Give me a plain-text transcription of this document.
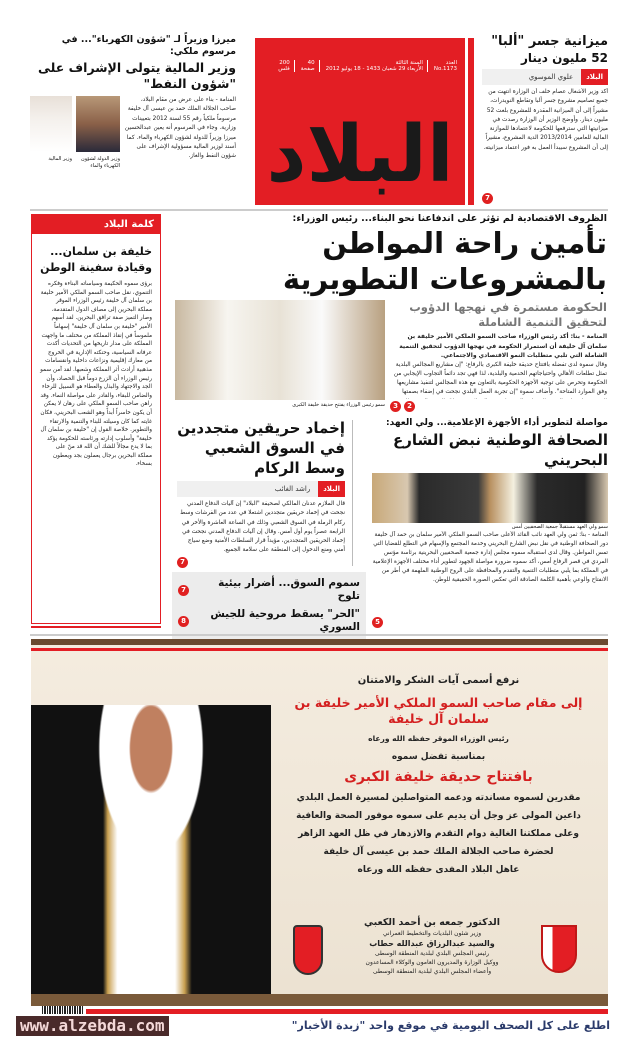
ميرزا وزيراً لـ "شؤون الكهرباء"... في مرسوم ملكي:
وزير المالية يتولى الإشراف على "شؤون النفط"
المنامة - بناء على عرض من مقام البلاد، صاحب الجلالة الملك حمد بن عيسى آل خليفة مرسوماً ملكياً رقم 55 لسنة 2012 بتعيينات وزارية. وجاء في المرسوم أنه يعين عبدالحسين ميرزا وزيراً للدولة لشؤون الكهرباء والماء. كما أسند لوزير المالية مسؤولية الإشراف على شؤون النفط والغاز.
وزير الدولة لشؤون الكهرباء والماء
وزير المالية
العدد
No.1173
السنة الثالثة
الأربعاء 29 شعبان 1433 - 18 يوليو 2012
40
صفحة
200
فلس
البلاد
ميزانية جسر "ألبا"
52 مليون دينار
البلاد
علوي الموسوي
أكد وزير الأشغال عصام خلف أن الوزارة انتهت من جميع تصاميم مشروع جسر ألبا وتقاطع النويدرات، مشيراً إلى أن الميزانية المقدرة للمشروع بلغت 52 مليون دينار. وأوضح الوزير أن الوزارة رصدت في ميزانيتها التي سترفعها للحكومة لاعتمادها للموازنة المالية للعامين 2013/2014 الدية المشروع، مشيراً إلى أن المشروع سيبدأ العمل به فور اعتماد ميزانيته.
7
كلمة البلاد
خليفة بن سلمان... وقيادة سفينة الوطن
برؤى سموه الحكيمة وسياساته البناءة وفكره التنموي، نقل صاحب السمو الملكي الأمير خليفة بن سلمان آل خليفة رئيس الوزراء الموقر مملكة البحرين إلى مصاف الدول المتقدمة، وصار التميز صفة ترافق البحرين. لقد أسهم الأمير "خليفة بن سلمان آل خليفة" إسهاماً ملموساً في إنقاذ المملكة من مختلف ما واجهت المملكة على مدار تاريخها من التحديات أكدت عرفانه السياسية، وحنكته الإدارية في الخروج من معارك إقليمية ونزاعات داخلية وانقسامات مذهبية أرادت أثر المملكة وشعبها. لقد آمن سمو رئيس الوزراء أن الزرع دوماً قبل الحصاد، وأن الجد والاجتهاد والبذل والعطاء هو السبيل للرخاء والضامن للبقاء، والقادر على مواصلة النماء. وقد راهن صاحب السمو الملكي على رهان لا يمكن أن يكون خاسراً أبداً وهو الشعب البحريني، فكان غايته كما كان وسيلته للبناء والتنمية والارتقاء والتطوير. خلاصة القول إن "خليفة بن سلمان آل خليفة" وأسلوب إدارته ورئاسته للحكومة يؤكد بما لا يدع مجالاً للشك أن الله قد منّ على مملكة البحرين برجال يعملون بجد ويعطون بسخاء.
الظروف الاقتصادية لم تؤثر على اندفاعنا نحو البناء... رئيس الوزراء:
تأمين راحة المواطن بالمشروعات التطويرية
سمو رئيس الوزراء يفتتح حديقة خليفة الكبرى
الحكومة مستمرة في نهجها الدؤوب لتحقيق التنمية الشاملة
المنامة - بنا: أكد رئيس الوزراء صاحب السمو الملكي الأمير خليفة بن سلمان آل خليفة أن استمرار الحكومة في نهجها الدؤوب لتحقيق التنمية الشاملة التي تلبي متطلبات النمو الاقتصادي والاجتماعي.
وقال سموه لدى تفضله بافتتاح حديقة خليفة الكبرى بالرفاع: "إن مشاريع المجالس البلدية تمثل تطلعات الأهالي واحتياجاتهم الخدمية والبلدية، لذا فهي تجد دائماً التجاوب الإيجابي من الحكومة وتحرص على توجيه الأجهزة الحكومية بالتعاون مع هذه المجالس لتنفيذ مشاريعها وفق الموارد المتاحة". وأضاف سموه "إن تجربة العمل البلدي نجحت في إضفاء بصمتها
3	2
إخماد حريقين متجددين في السوق الشعبي وسط الركام
البلاد
راشد الغائب
قال الملازم عدنان المالكي لصحيفة "البلاد" إن آليات الدفاع المدني نجحت في إخماد حريقين متجددين اشتعلا في عدد من الفرشات وسط ركام الرملة في السوق الشعبي وذلك في الساعة العاشرة والأخر في الرابعة عصراً يوم أول أمس. وقال إن آليات الدفاع المدني نجحت في إخماد الحريقين المتجددين، مؤيداً قرار السلطات الأمنية وضع سياج أمني ومنع الدخول إلى المنطقة على سلامة الجميع.
7
سموم السوق... أضرار بيئية تلوح
7
"الحر" يسقط مروحية للجيش السوري
8
مواصلة لتطوير أداء الأجهزة الإعلامية... ولي العهد:
الصحافة الوطنية نبض الشارع البحريني
سمو ولي العهد مستقبلاً جمعية الصحفيين أمس
المنامة - بنا: ثمن ولي العهد نائب القائد الأعلى صاحب السمو الملكي الأمير سلمان بن حمد آل خليفة دور الصحافة الوطنية في نقل نبض الشارع البحريني وخدمة المجتمع والإسهام في التطلع للقضايا التي تمس المواطن. وقال لدى استقباله سموه مجلس إدارة جمعية الصحفيين البحرينية برئاسة مؤنس المردي في قصر الرفاع أمس، أكد سموه ضرورة مواصلة الجهود لتطوير أداء مختلف الأجهزة الإعلامية في المملكة بما يلبي متطلبات التنمية والتقدم والمحافظة على الروح الوطنية الملهمة في أطر من الانفتاح والوعي بأهمية الكلمة الصادقة التي تعكس الصورة الحقيقية للوطن.
5
نرفع أسمى آيات الشكر والامتنان
إلى مقام صاحب السمو الملكي الأمير خليفة بن سلمان آل خليفة
رئيس الوزراء الموقر حفظه الله ورعاه
بمناسبة تفضل سموه
بافتتاح حديقة خليفة الكبرى
مقدرين لسموه مساندته ودعمه المتواصلين لمسيرة العمل البلدي
داعين المولى عز وجل أن يديم على سموه موفور الصحة والعافية
وعلى مملكتنا الغالية دوام التقدم والازدهار في ظل العهد الزاهر
لحضرة صاحب الجلالة الملك حمد بن عيسى آل خليفة
عاهل البلاد المفدى حفظه الله ورعاه
الدكتور جمعه بن أحمد الكعبي
وزير شئون البلديات والتخطيط العمراني
والسيد عبدالرزاق عبدالله حطاب
رئيس المجلس البلدي لبلدية المنطقة الوسطى
ووكيل الوزارة والمديرون العامون والوكلاء المساعدون
وأعضاء المجلس البلدي لبلدية المنطقة الوسطى
www.alzebda.com	اطلع على كل الصحف اليومية في موقع واحد "زبدة الأخبار"
